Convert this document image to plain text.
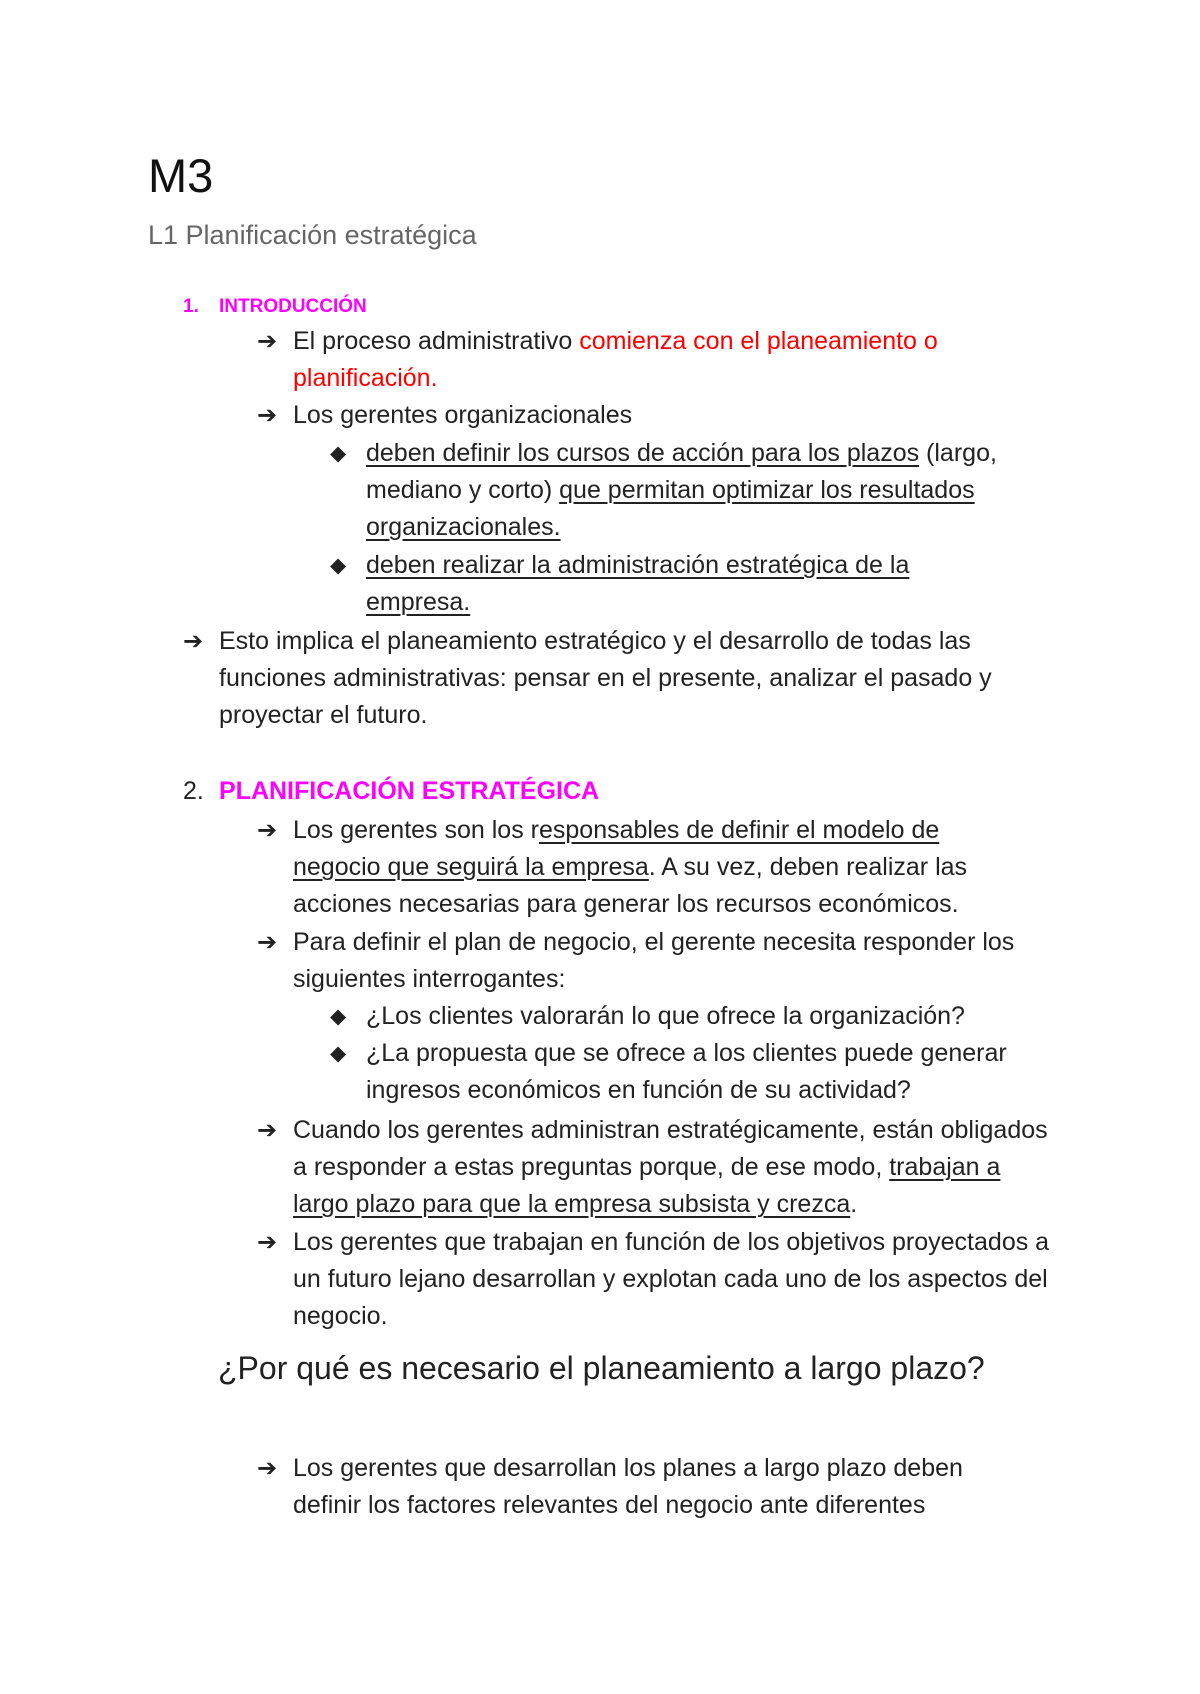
M3
L1 Planificación estratégica
1. INTRODUCCIÓN
➔ El proceso administrativo comienza con el planeamiento o planificación.
➔ Los gerentes organizacionales
◆ deben definir los cursos de acción para los plazos (largo, mediano y corto) que permitan optimizar los resultados organizacionales.
◆ deben realizar la administración estratégica de la empresa.
➔ Esto implica el planeamiento estratégico y el desarrollo de todas las funciones administrativas: pensar en el presente, analizar el pasado y proyectar el futuro.
2. PLANIFICACIÓN ESTRATÉGICA
➔ Los gerentes son los responsables de definir el modelo de negocio que seguirá la empresa. A su vez, deben realizar las acciones necesarias para generar los recursos económicos.
➔ Para definir el plan de negocio, el gerente necesita responder los siguientes interrogantes:
◆ ¿Los clientes valorarán lo que ofrece la organización?
◆ ¿La propuesta que se ofrece a los clientes puede generar ingresos económicos en función de su actividad?
➔ Cuando los gerentes administran estratégicamente, están obligados a responder a estas preguntas porque, de ese modo, trabajan a largo plazo para que la empresa subsista y crezca.
➔ Los gerentes que trabajan en función de los objetivos proyectados a un futuro lejano desarrollan y explotan cada uno de los aspectos del negocio.
¿Por qué es necesario el planeamiento a largo plazo?
➔ Los gerentes que desarrollan los planes a largo plazo deben definir los factores relevantes del negocio ante diferentes
